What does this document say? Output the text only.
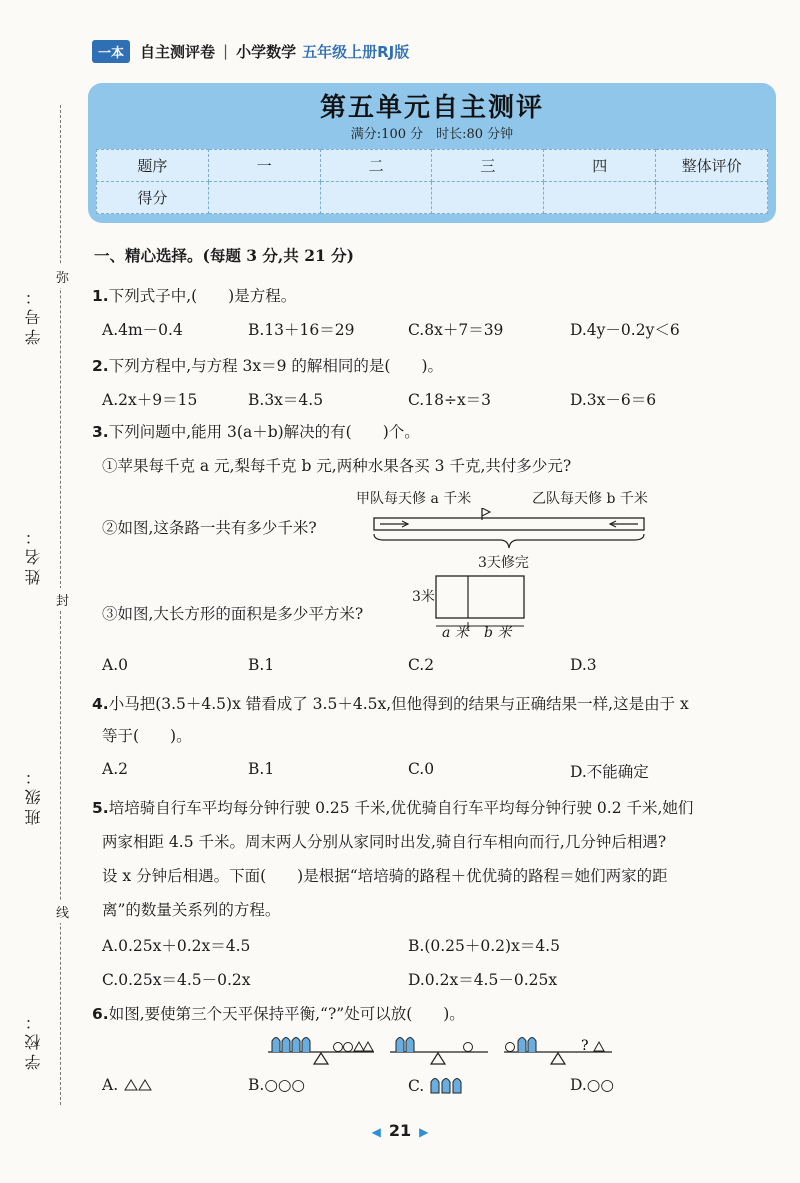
一本	自主测评卷 | 小学数学 五年级上册RJ版
第五单元自主测评
满分:100 分　时长:80 分钟
题序	一	二	三	四	整体评价
得分					
学号：
姓名：
班级：
学校：
弥
封
线
一、精心选择。(每题 3 分,共 21 分)
1.下列式子中,(　　)是方程。
A.4m－0.4	B.13＋16＝29	C.8x＋7＝39	D.4y－0.2y＜6
2.下列方程中,与方程 3x＝9 的解相同的是(　　)。
A.2x＋9＝15	B.3x＝4.5	C.18÷x＝3	D.3x－6＝6
3.下列问题中,能用 3(a＋b)解决的有(　　)个。
①苹果每千克 a 元,梨每千克 b 元,两种水果各买 3 千克,共付多少元?
甲队每天修 a 千米	乙队每天修 b 千米
②如图,这条路一共有多少千米?
3天修完
③如图,大长方形的面积是多少平方米?
3米
a 米 b 米
A.0	B.1	C.2	D.3
4.小马把(3.5＋4.5)x 错看成了 3.5＋4.5x,但他得到的结果与正确结果一样,这是由于 x
等于(　　)。
A.2	B.1	C.0	D.不能确定
5.培培骑自行车平均每分钟行驶 0.25 千米,优优骑自行车平均每分钟行驶 0.2 千米,她们
两家相距 4.5 千米。周末两人分别从家同时出发,骑自行车相向而行,几分钟后相遇?
设 x 分钟后相遇。下面(　　)是根据“培培骑的路程＋优优骑的路程＝她们两家的距
离”的数量关系列的方程。
A.0.25x＋0.2x＝4.5	B.(0.25＋0.2)x＝4.5
C.0.25x＝4.5－0.2x	D.0.2x＝4.5－0.25x
6.如图,要使第三个天平保持平衡,“?”处可以放(　　)。
?
A.	B.○○○	C.	D.○○
◀ 21 ▶
